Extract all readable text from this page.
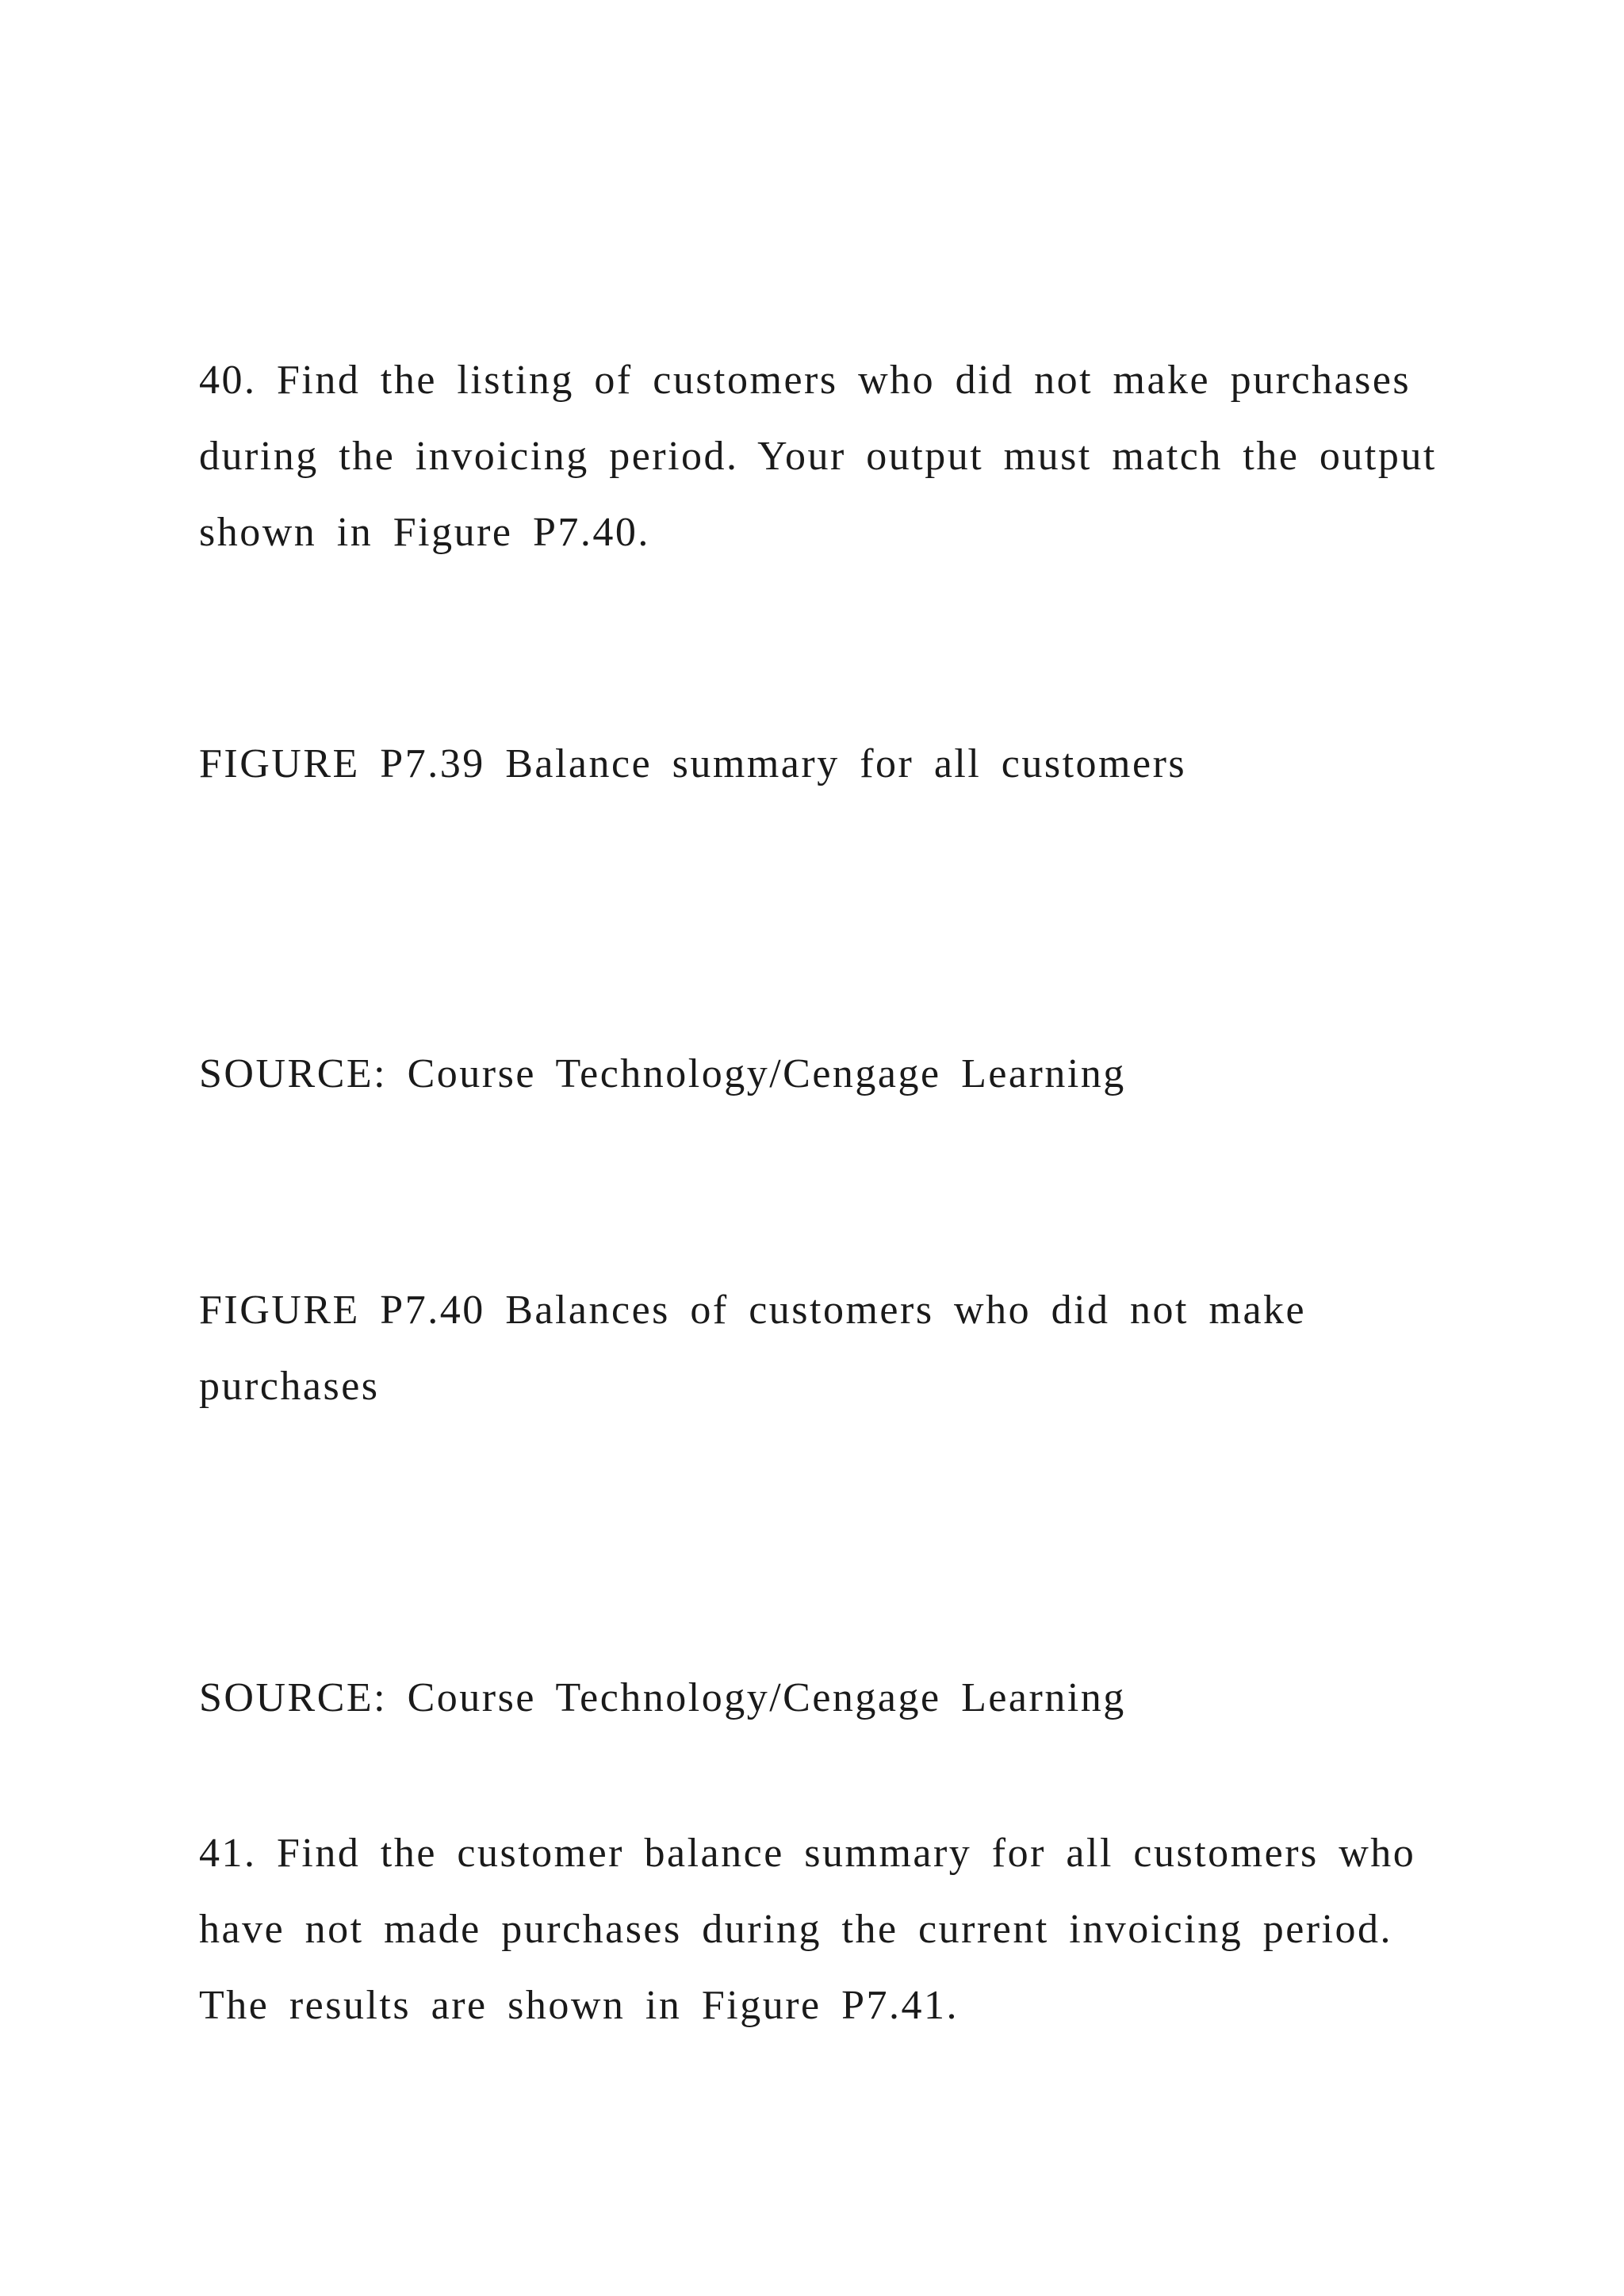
40. Find the listing of customers who did not make purchases
during the invoicing period. Your output must match the output
shown in Figure P7.40.

FIGURE P7.39 Balance summary for all customers

SOURCE: Course Technology/Cengage Learning

FIGURE P7.40 Balances of customers who did not make
purchases

SOURCE: Course Technology/Cengage Learning

41. Find the customer balance summary for all customers who
have not made purchases during the current invoicing period.
The results are shown in Figure P7.41.
